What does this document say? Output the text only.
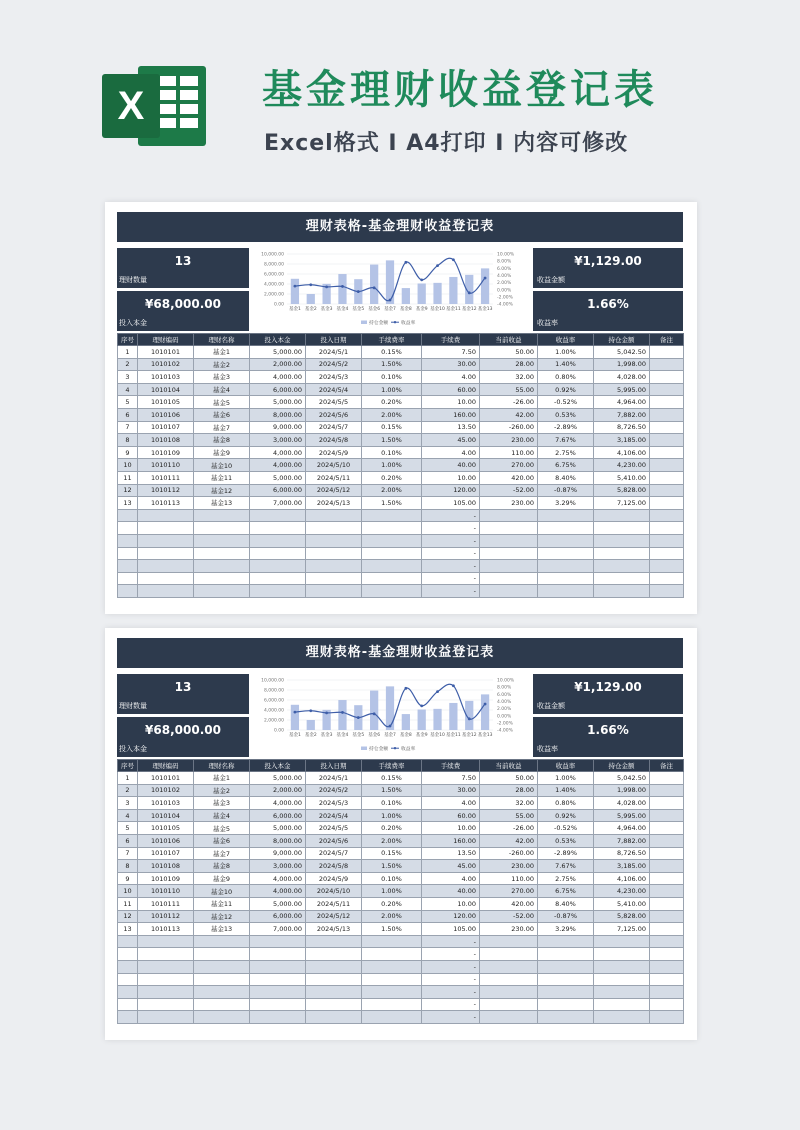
X	基金理财收益登记表
Excel格式 I A4打印 I 内容可修改
理财表格-基金理财收益登记表
13
理财数量
¥68,000.00
投入本金
10,000.00
8,000.00
6,000.00
4,000.00
2,000.00
0.00
10.00%
8.00%
6.00%
4.00%
2.00%
0.00%
-2.00%
-4.00%
基金1 基金2 基金3 基金4 基金5 基金6 基金7 基金8 基金9 基金10 基金11 基金12 基金13
持仓金额	收益率
¥1,129.00
收益金额
1.66%
收益率
序号	理财编码	理财名称	投入本金	投入日期	手续费率	手续费	当前收益	收益率	持仓金额	备注
1	1010101	基金1	5,000.00	2024/5/1	0.15%	7.50	50.00	1.00%	5,042.50	
2	1010102	基金2	2,000.00	2024/5/2	1.50%	30.00	28.00	1.40%	1,998.00	
3	1010103	基金3	4,000.00	2024/5/3	0.10%	4.00	32.00	0.80%	4,028.00	
4	1010104	基金4	6,000.00	2024/5/4	1.00%	60.00	55.00	0.92%	5,995.00	
5	1010105	基金5	5,000.00	2024/5/5	0.20%	10.00	-26.00	-0.52%	4,964.00	
6	1010106	基金6	8,000.00	2024/5/6	2.00%	160.00	42.00	0.53%	7,882.00	
7	1010107	基金7	9,000.00	2024/5/7	0.15%	13.50	-260.00	-2.89%	8,726.50	
8	1010108	基金8	3,000.00	2024/5/8	1.50%	45.00	230.00	7.67%	3,185.00	
9	1010109	基金9	4,000.00	2024/5/9	0.10%	4.00	110.00	2.75%	4,106.00	
10	1010110	基金10	4,000.00	2024/5/10	1.00%	40.00	270.00	6.75%	4,230.00	
11	1010111	基金11	5,000.00	2024/5/11	0.20%	10.00	420.00	8.40%	5,410.00	
12	1010112	基金12	6,000.00	2024/5/12	2.00%	120.00	-52.00	-0.87%	5,828.00	
13	1010113	基金13	7,000.00	2024/5/13	1.50%	105.00	230.00	3.29%	7,125.00	
						-				
						-				
						-				
						-				
						-				
						-				
						-				
理财表格-基金理财收益登记表
13
理财数量
¥68,000.00
投入本金
10,000.00
8,000.00
6,000.00
4,000.00
2,000.00
0.00
10.00%
8.00%
6.00%
4.00%
2.00%
0.00%
-2.00%
-4.00%
基金1 基金2 基金3 基金4 基金5 基金6 基金7 基金8 基金9 基金10 基金11 基金12 基金13
持仓金额	收益率
¥1,129.00
收益金额
1.66%
收益率
序号	理财编码	理财名称	投入本金	投入日期	手续费率	手续费	当前收益	收益率	持仓金额	备注
1	1010101	基金1	5,000.00	2024/5/1	0.15%	7.50	50.00	1.00%	5,042.50	
2	1010102	基金2	2,000.00	2024/5/2	1.50%	30.00	28.00	1.40%	1,998.00	
3	1010103	基金3	4,000.00	2024/5/3	0.10%	4.00	32.00	0.80%	4,028.00	
4	1010104	基金4	6,000.00	2024/5/4	1.00%	60.00	55.00	0.92%	5,995.00	
5	1010105	基金5	5,000.00	2024/5/5	0.20%	10.00	-26.00	-0.52%	4,964.00	
6	1010106	基金6	8,000.00	2024/5/6	2.00%	160.00	42.00	0.53%	7,882.00	
7	1010107	基金7	9,000.00	2024/5/7	0.15%	13.50	-260.00	-2.89%	8,726.50	
8	1010108	基金8	3,000.00	2024/5/8	1.50%	45.00	230.00	7.67%	3,185.00	
9	1010109	基金9	4,000.00	2024/5/9	0.10%	4.00	110.00	2.75%	4,106.00	
10	1010110	基金10	4,000.00	2024/5/10	1.00%	40.00	270.00	6.75%	4,230.00	
11	1010111	基金11	5,000.00	2024/5/11	0.20%	10.00	420.00	8.40%	5,410.00	
12	1010112	基金12	6,000.00	2024/5/12	2.00%	120.00	-52.00	-0.87%	5,828.00	
13	1010113	基金13	7,000.00	2024/5/13	1.50%	105.00	230.00	3.29%	7,125.00	
						-				
						-				
						-				
						-				
						-				
						-				
						-				
